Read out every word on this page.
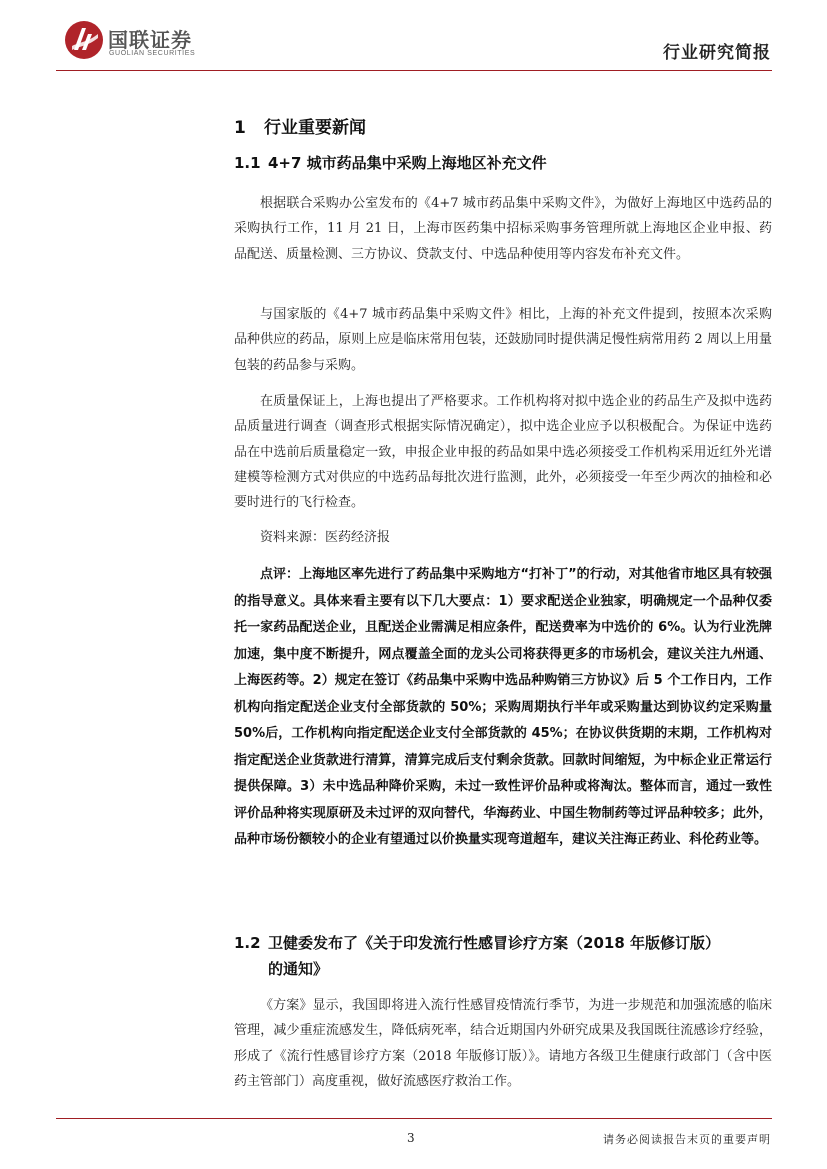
国联证券
GUOLIAN SECURITIES	行业研究简报
1 行业重要新闻
1.1 4+7 城市药品集中采购上海地区补充文件

根据联合采购办公室发布的《4+7 城市药品集中采购文件》，为做好上海地区中选药品的采购执行工作，11 月 21 日，上海市医药集中招标采购事务管理所就上海地区企业申报、药品配送、质量检测、三方协议、贷款支付、中选品种使用等内容发布补充文件。

与国家版的《4+7 城市药品集中采购文件》相比，上海的补充文件提到，按照本次采购品种供应的药品，原则上应是临床常用包装，还鼓励同时提供满足慢性病常用药 2 周以上用量包装的药品参与采购。

在质量保证上，上海也提出了严格要求。工作机构将对拟中选企业的药品生产及拟中选药品质量进行调查（调查形式根据实际情况确定），拟中选企业应予以积极配合。为保证中选药品在中选前后质量稳定一致，申报企业申报的药品如果中选必须接受工作机构采用近红外光谱建模等检测方式对供应的中选药品每批次进行监测，此外，必须接受一年至少两次的抽检和必要时进行的飞行检查。

资料来源：医药经济报

点评：上海地区率先进行了药品集中采购地方“打补丁”的行动，对其他省市地区具有较强的指导意义。具体来看主要有以下几大要点：1）要求配送企业独家，明确规定一个品种仅委托一家药品配送企业，且配送企业需满足相应条件，配送费率为中选价的 6%。认为行业洗牌加速，集中度不断提升，网点覆盖全面的龙头公司将获得更多的市场机会，建议关注九州通、上海医药等。2）规定在签订《药品集中采购中选品种购销三方协议》后 5 个工作日内，工作机构向指定配送企业支付全部货款的 50%；采购周期执行半年或采购量达到协议约定采购量 50%后，工作机构向指定配送企业支付全部货款的 45%；在协议供货期的末期，工作机构对指定配送企业货款进行清算，清算完成后支付剩余货款。回款时间缩短，为中标企业正常运行提供保障。3）未中选品种降价采购，未过一致性评价品种或将淘汰。整体而言，通过一致性评价品种将实现原研及未过评的双向替代，华海药业、中国生物制药等过评品种较多；此外，品种市场份额较小的企业有望通过以价换量实现弯道超车，建议关注海正药业、科伦药业等。

1.2 卫健委发布了《关于印发流行性感冒诊疗方案（2018 年版修订版）
的通知》

《方案》显示，我国即将进入流行性感冒疫情流行季节，为进一步规范和加强流感的临床管理，减少重症流感发生，降低病死率，结合近期国内外研究成果及我国既往流感诊疗经验，形成了《流行性感冒诊疗方案（2018 年版修订版）》。请地方各级卫生健康行政部门（含中医药主管部门）高度重视，做好流感医疗救治工作。

3	请务必阅读报告末页的重要声明
